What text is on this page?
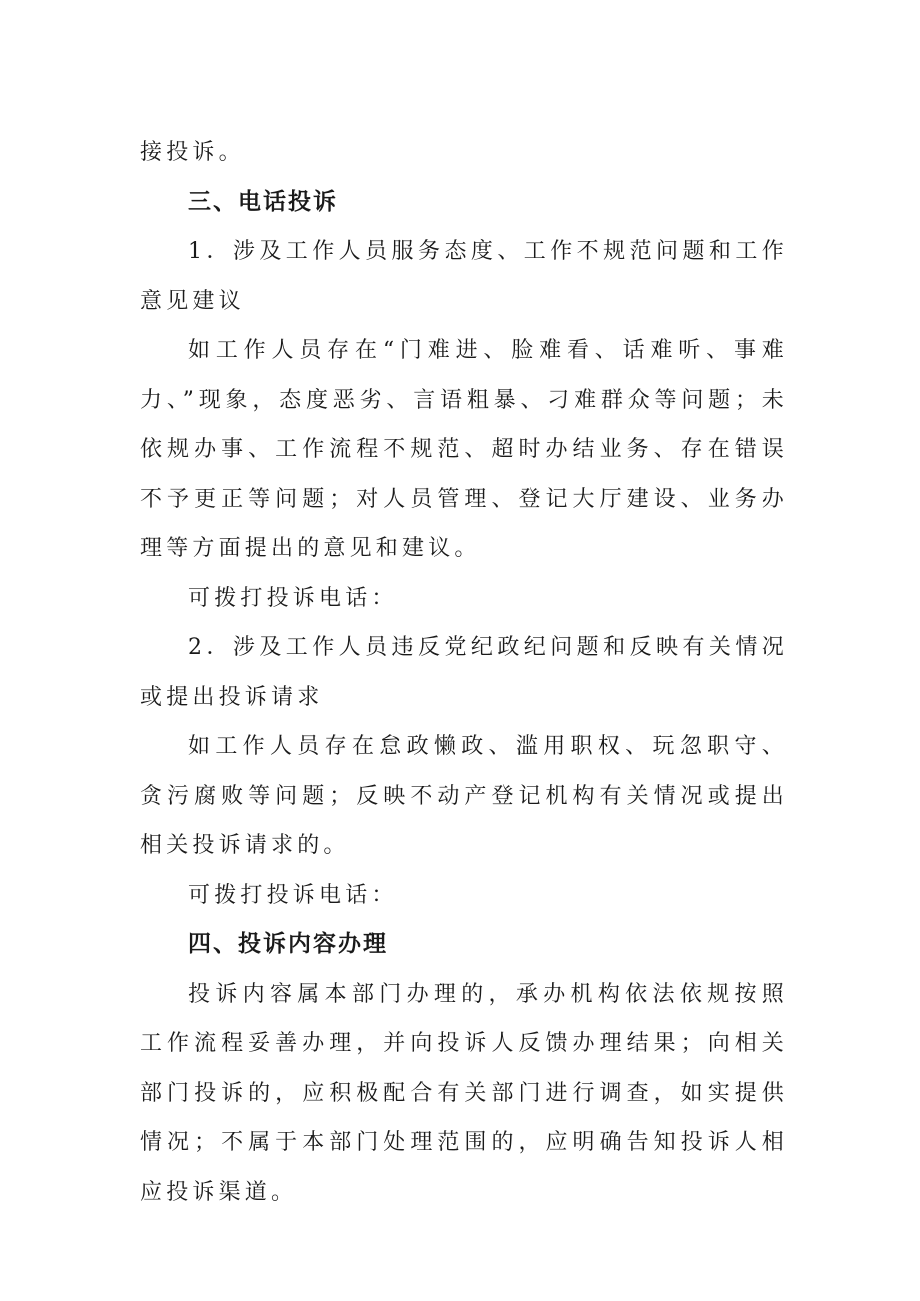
接投诉。

三、电话投诉

1．涉及工作人员服务态度、工作不规范问题和工作意见建议

如工作人员存在“门难进、脸难看、话难听、事难力、”现象，态度恶劣、言语粗暴、刁难群众等问题；未依规办事、工作流程不规范、超时办结业务、存在错误不予更正等问题；对人员管理、登记大厅建设、业务办理等方面提出的意见和建议。

可拨打投诉电话：

2．涉及工作人员违反党纪政纪问题和反映有关情况或提出投诉请求

如工作人员存在怠政懒政、滥用职权、玩忽职守、贪污腐败等问题；反映不动产登记机构有关情况或提出相关投诉请求的。

可拨打投诉电话：

四、投诉内容办理

投诉内容属本部门办理的，承办机构依法依规按照工作流程妥善办理，并向投诉人反馈办理结果；向相关部门投诉的，应积极配合有关部门进行调查，如实提供情况；不属于本部门处理范围的，应明确告知投诉人相应投诉渠道。
